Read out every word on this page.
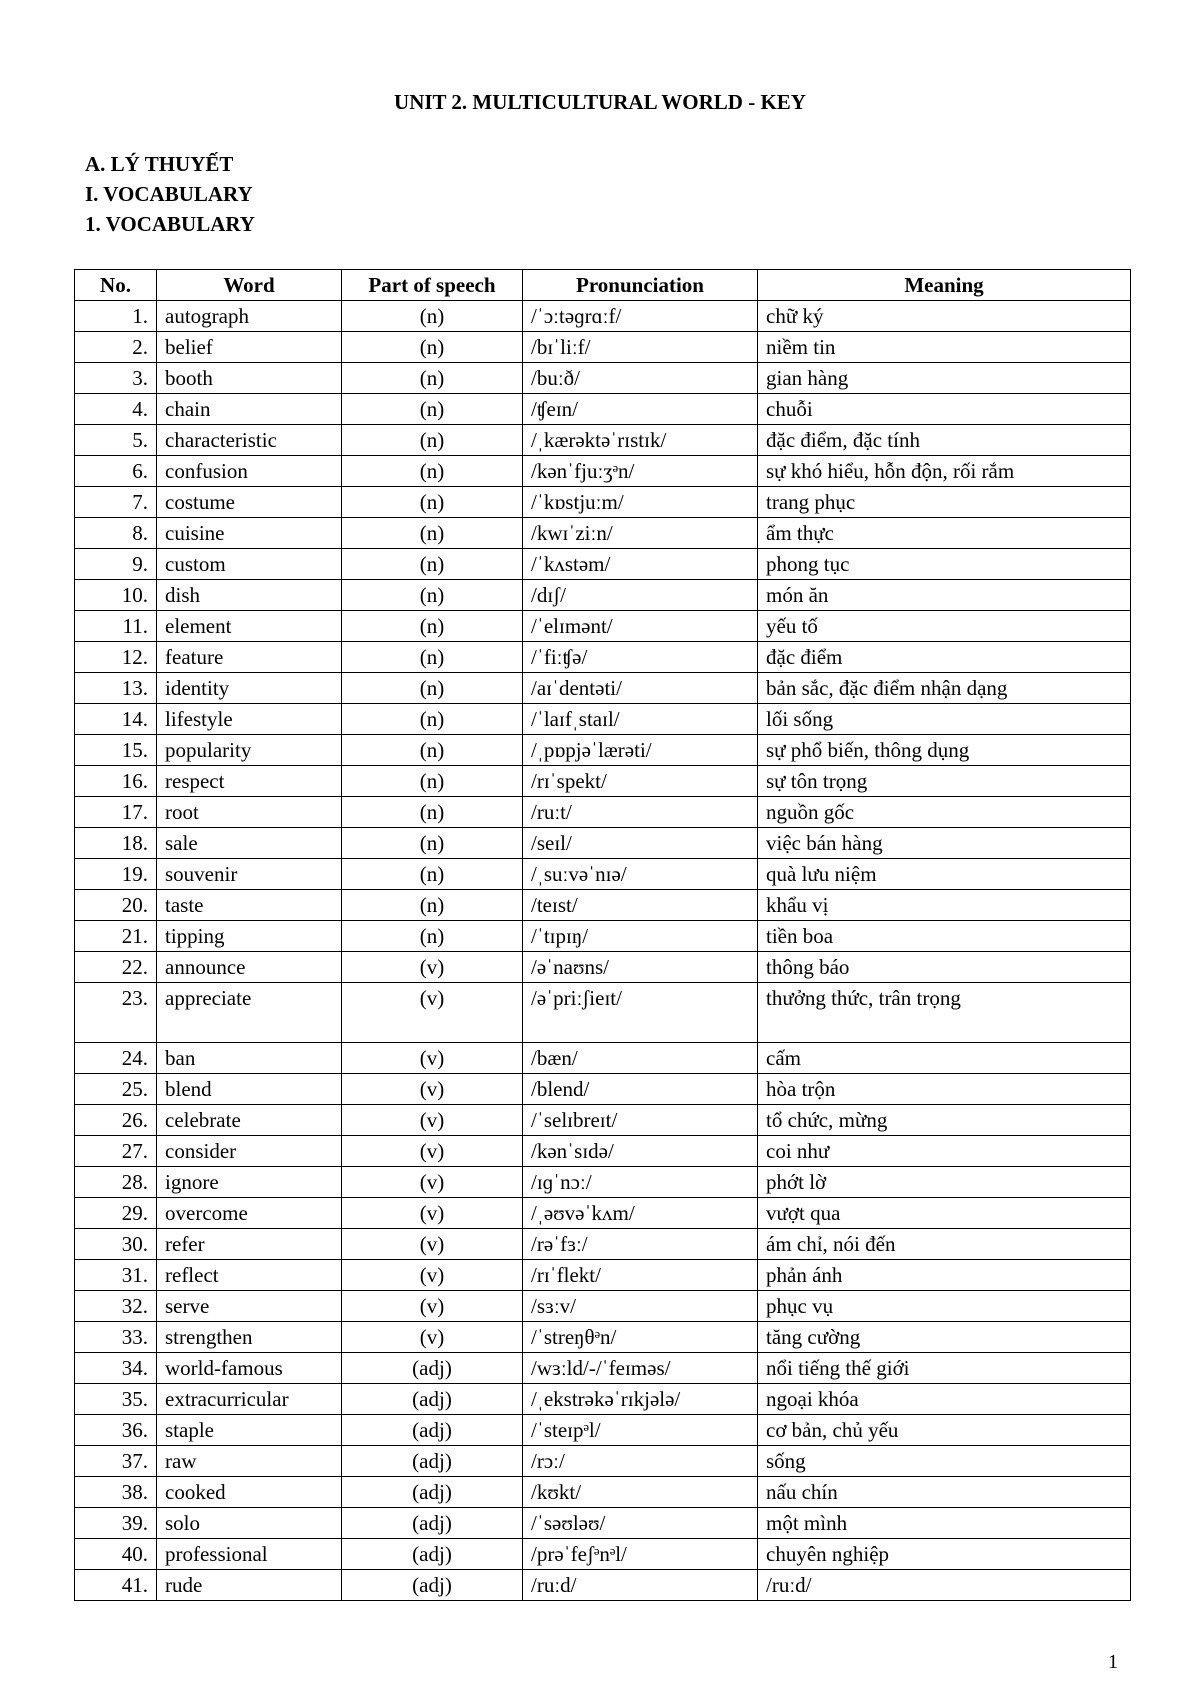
UNIT 2. MULTICULTURAL WORLD - KEY

A. LÝ THUYẾT

I. VOCABULARY

1. VOCABULARY

No.	Word	Part of speech	Pronunciation	Meaning
1.	autograph	(n)	/ˈɔːtəɡrɑːf/	chữ ký
2.	belief	(n)	/bɪˈliːf/	niềm tin
3.	booth	(n)	/buːð/	gian hàng
4.	chain	(n)	/ʧeɪn/	chuỗi
5.	characteristic	(n)	/ˌkærəktəˈrɪstɪk/	đặc điểm, đặc tính
6.	confusion	(n)	/kənˈfjuːʒᵊn/	sự khó hiểu, hỗn độn, rối rắm
7.	costume	(n)	/ˈkɒstjuːm/	trang phục
8.	cuisine	(n)	/kwɪˈziːn/	ẩm thực
9.	custom	(n)	/ˈkʌstəm/	phong tục
10.	dish	(n)	/dɪʃ/	món ăn
11.	element	(n)	/ˈelɪmənt/	yếu tố
12.	feature	(n)	/ˈfiːʧə/	đặc điểm
13.	identity	(n)	/aɪˈdentəti/	bản sắc, đặc điểm nhận dạng
14.	lifestyle	(n)	/ˈlaɪfˌstaɪl/	lối sống
15.	popularity	(n)	/ˌpɒpjəˈlærəti/	sự phổ biến, thông dụng
16.	respect	(n)	/rɪˈspekt/	sự tôn trọng
17.	root	(n)	/ruːt/	nguồn gốc
18.	sale	(n)	/seɪl/	việc bán hàng
19.	souvenir	(n)	/ˌsuːvəˈnɪə/	quà lưu niệm
20.	taste	(n)	/teɪst/	khẩu vị
21.	tipping	(n)	/ˈtɪpɪŋ/	tiền boa
22.	announce	(v)	/əˈnaʊns/	thông báo
23.	appreciate	(v)	/əˈpriːʃieɪt/	thưởng thức, trân trọng
24.	ban	(v)	/bæn/	cấm
25.	blend	(v)	/blend/	hòa trộn
26.	celebrate	(v)	/ˈselɪbreɪt/	tổ chức, mừng
27.	consider	(v)	/kənˈsɪdə/	coi như
28.	ignore	(v)	/ɪɡˈnɔː/	phớt lờ
29.	overcome	(v)	/ˌəʊvəˈkʌm/	vượt qua
30.	refer	(v)	/rəˈfɜː/	ám chỉ, nói đến
31.	reflect	(v)	/rɪˈflekt/	phản ánh
32.	serve	(v)	/sɜːv/	phục vụ
33.	strengthen	(v)	/ˈstreŋθᵊn/	tăng cường
34.	world-famous	(adj)	/wɜːld/-/ˈfeɪməs/	nổi tiếng thế giới
35.	extracurricular	(adj)	/ˌekstrəkəˈrɪkjələ/	ngoại khóa
36.	staple	(adj)	/ˈsteɪpᵊl/	cơ bản, chủ yếu
37.	raw	(adj)	/rɔː/	sống
38.	cooked	(adj)	/kʊkt/	nấu chín
39.	solo	(adj)	/ˈsəʊləʊ/	một mình
40.	professional	(adj)	/prəˈfeʃᵊnᵊl/	chuyên nghiệp
41.	rude	(adj)	/ruːd/	/ruːd/

1
